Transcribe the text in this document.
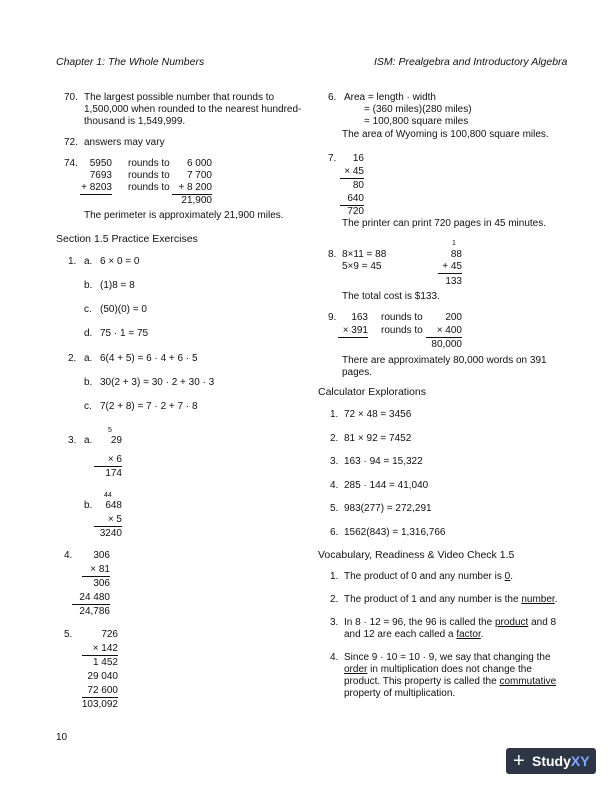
Chapter 1: The Whole Numbers	ISM: Prealgebra and Introductory Algebra
70. The largest possible number that rounds to
1,500,000 when rounded to the nearest hundred-
thousand is 1,549,999.
72. answers may vary
74.	5950 rounds to	6 000
7693 rounds to	7 700
+ 8203 rounds to + 8 200
21,900
The perimeter is approximately 21,900 miles.
Section 1.5 Practice Exercises
1. a. 6 × 0 = 0
b. (1)8 = 8
c. (50)(0) = 0
d. 75 · 1 = 75
2. a. 6(4 + 5) = 6 · 4 + 6 · 5
b. 30(2 + 3) = 30 · 2 + 30 · 3
c. 7(2 + 8) = 7 · 2 + 7 · 8
5
3. a.	29
× 6
174
44
b.	648
× 5
3240
4.	306
× 81
306
24 480
24,786
5.	726
× 142
1 452
29 040
72 600
103,092
6. Area = length · width
= (360 miles)(280 miles)
= 100,800 square miles
The area of Wyoming is 100,800 square miles.
7.	16
× 45
80
640
720
The printer can print 720 pages in 45 minutes.
1
8. 8×11 = 88
5×9 = 45
88
+ 45
133
The total cost is $133.
9.	163 rounds to	200
× 391 rounds to	× 400
80,000
There are approximately 80,000 words on 391
pages.
Calculator Explorations
1. 72 × 48 = 3456
2. 81 × 92 = 7452
3. 163 · 94 = 15,322
4. 285 · 144 = 41,040
5. 983(277) = 272,291
6. 1562(843) = 1,316,766
Vocabulary, Readiness & Video Check 1.5
1. The product of 0 and any number is 0.
2. The product of 1 and any number is the number.
3. In 8 · 12 = 96, the 96 is called the product and 8
and 12 are each called a factor.
4. Since 9 · 10 = 10 · 9, we say that changing the
order in multiplication does not change the
product. This property is called the commutative
property of multiplication.
10
+ StudyXY
